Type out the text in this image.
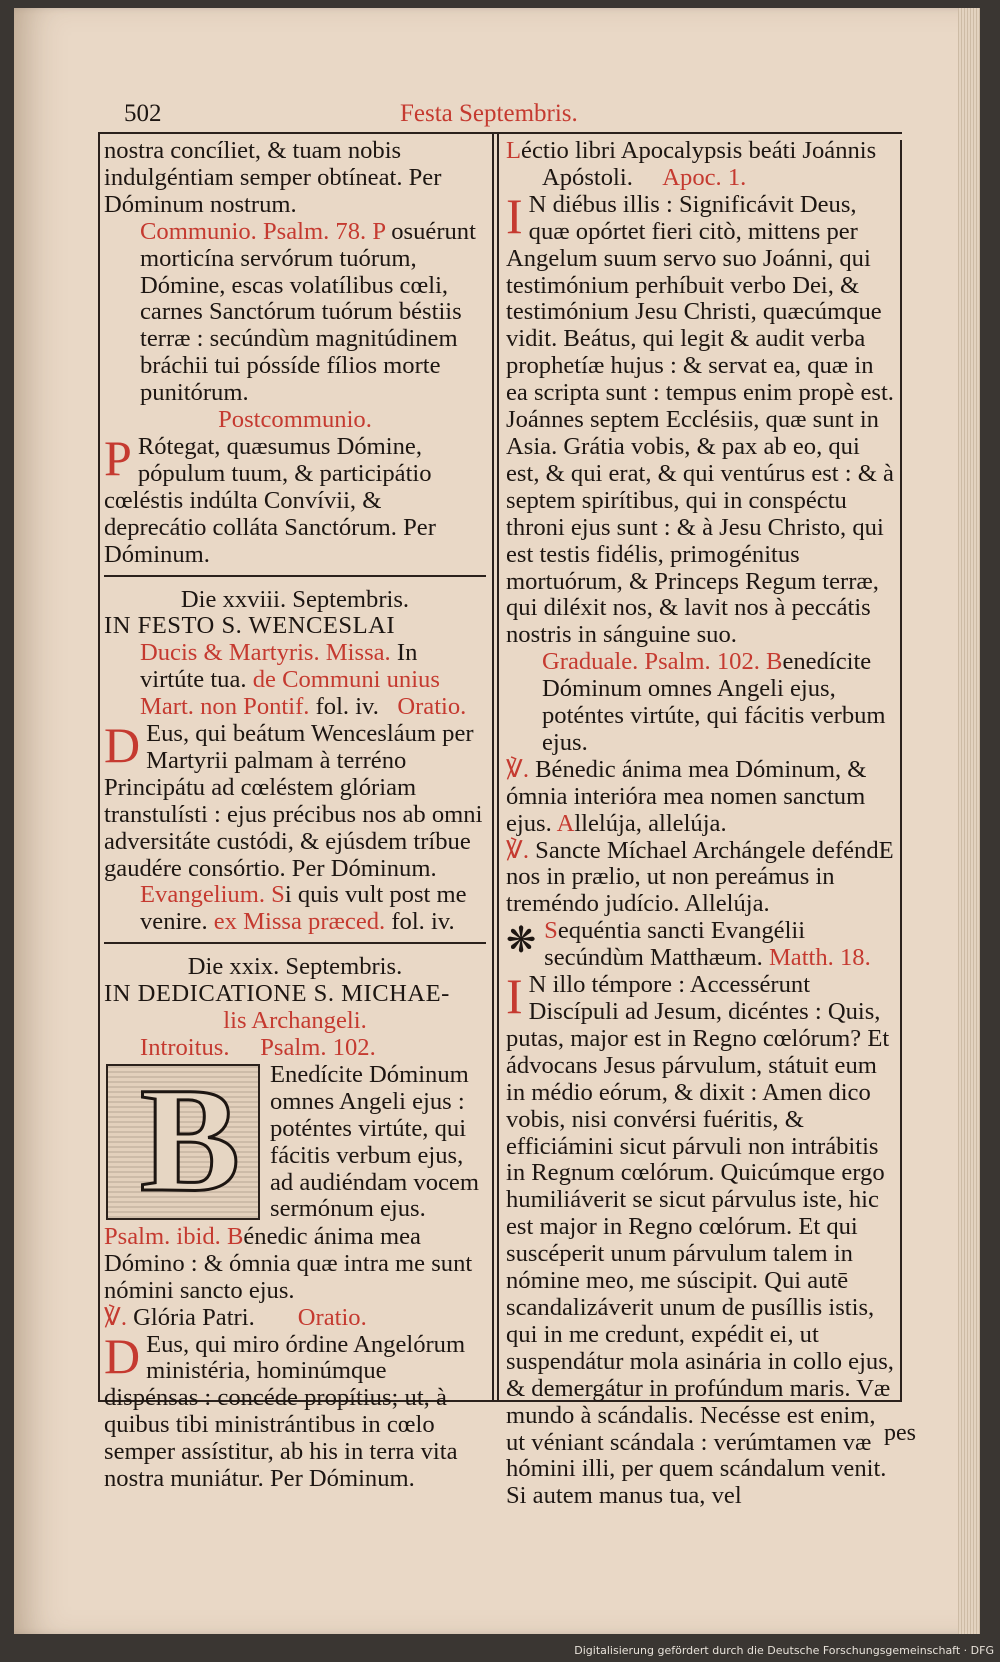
502	Festa Septembris.

nostra concíliet, & tuam nobis indulgéntiam semper obtíneat. Per Dóminum nostrum.

Communio. Psalm. 78. P osuérunt morticína servórum tuórum, Dómine, escas volatílibus cœli, carnes Sanctórum tuórum béstiis terræ : secúndùm magnitúdinem bráchii tui póssíde fílios morte punitórum.

Postcommunio.

P Rótegat, quæsumus Dómine, pópulum tuum, & participátio cœléstis indúlta Convívii, & deprecátio colláta Sanctórum. Per Dóminum.

Die xxviii. Septembris.

IN FESTO S. WENCESLAI

Ducis & Martyris. Missa. In virtúte tua. de Communi unius Mart. non Pontif. fol. iv. Oratio.

D Eus, qui beátum Wencesláum per Martyrii palmam à terréno Principátu ad cœléstem glóriam transtulísti : ejus précibus nos ab omni adversitáte custódi, & ejúsdem tríbue gaudére consórtio. Per Dóminum.

Evangelium. Si quis vult post me venire. ex Missa præced. fol. iv.

Die xxix. Septembris.

IN DEDICATIONE S. MICHAE-

lis Archangeli.

Introitus. Psalm. 102.

B Enedícite Dóminum omnes Angeli ejus : poténtes virtúte, qui fácitis verbum ejus, ad audiéndam vocem sermónum ejus.

Psalm. ibid. Bénedic ánima mea Dómino : & ómnia quæ intra me sunt nómini sancto ejus.

℣. Glória Patri. Oratio.

D Eus, qui miro órdine Angelórum ministéria, hominúmque dispénsas : concéde propítius; ut, à quibus tibi ministrántibus in cœlo semper assístitur, ab his in terra vita nostra muniátur. Per Dóminum.

Léctio libri Apocalypsis beáti Joánnis

Apóstoli. Apoc. 1.

I N diébus illis : Significávit Deus, quæ opórtet fieri citò, mittens per Angelum suum servo suo Joánni, qui testimónium perhíbuit verbo Dei, & testimónium Jesu Christi, quæcúmque vidit. Beátus, qui legit & audit verba prophetíæ hujus : & servat ea, quæ in ea scripta sunt : tempus enim propè est. Joánnes septem Ecclésiis, quæ sunt in Asia. Grátia vobis, & pax ab eo, qui est, & qui erat, & qui ventúrus est : & à septem spirítibus, qui in conspéctu throni ejus sunt : & à Jesu Christo, qui est testis fidélis, primogénitus mortuórum, & Princeps Regum terræ, qui diléxit nos, & lavit nos à peccátis nostris in sánguine suo.

Graduale. Psalm. 102. Benedícite Dóminum omnes Angeli ejus, poténtes virtúte, qui fácitis verbum ejus.

℣. Bénedic ánima mea Dóminum, & ómnia interióra mea nomen sanctum ejus. Allelúja, allelúja.

℣. Sancte Míchael Archángele deféndE nos in prælio, ut non pereámus in treméndo judício. Allelúja.

❋ Sequéntia sancti Evangélii secúndùm Matthæum. Matth. 18.

I N illo témpore : Accessérunt Discípuli ad Jesum, dicéntes : Quis, putas, major est in Regno cœlórum? Et ádvocans Jesus párvulum, státuit eum in médio eórum, & dixit : Amen dico vobis, nisi convérsi fuéritis, & efficiámini sicut párvuli non intrábitis in Regnum cœlórum. Quicúmque ergo humiliáverit se sicut párvulus iste, hic est major in Regno cœlórum. Et qui suscéperit unum párvulum talem in nómine meo, me súscipit. Qui autē scandalizáverit unum de pusíllis istis, qui in me credunt, expédit ei, ut suspendátur mola asinária in collo ejus, & demergátur in profúndum maris. Væ mundo à scándalis. Necésse est enim, ut véniant scándala : verúmtamen væ hómini illi, per quem scándalum venit. Si autem manus tua, vel

pes
Digitalisierung gefördert durch die Deutsche Forschungsgemeinschaft · DFG
